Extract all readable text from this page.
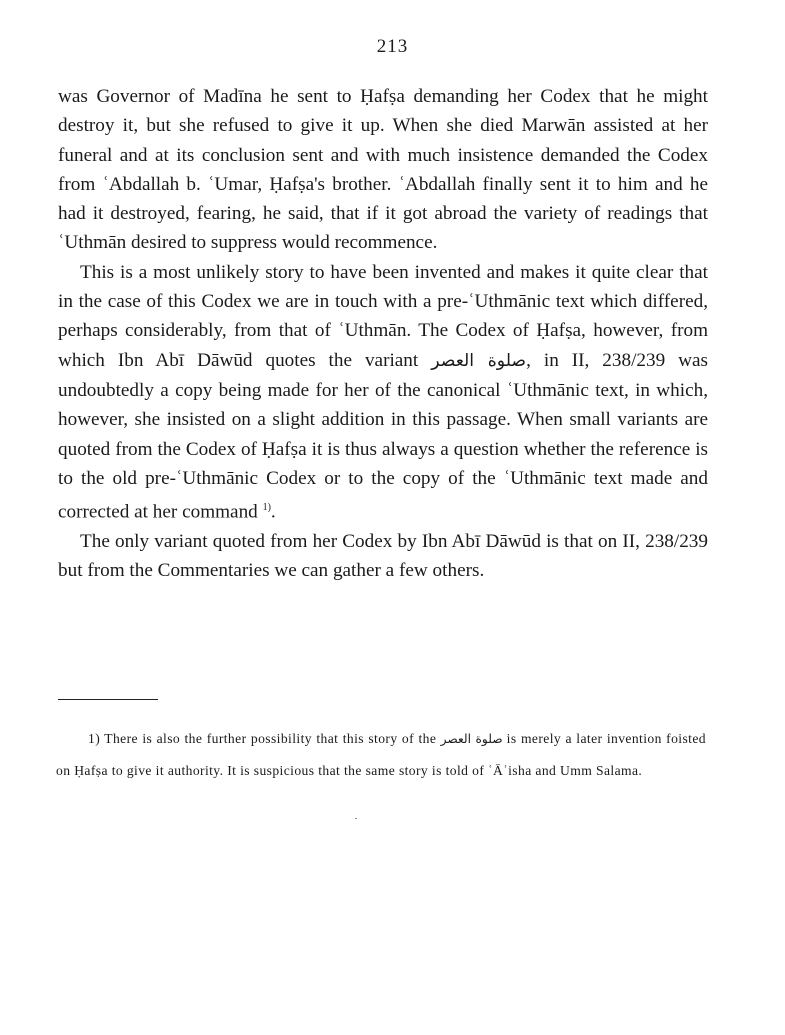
213

was Governor of Madīna he sent to Ḥafṣa demanding her Codex that he might destroy it, but she refused to give it up. When she died Marwān assisted at her funeral and at its conclusion sent and with much insistence demanded the Codex from ʿAbdallah b. ʿUmar, Ḥafṣa's brother. ʿAbdallah finally sent it to him and he had it destroyed, fearing, he said, that if it got abroad the variety of readings that ʿUthmān desired to suppress would recommence.

This is a most unlikely story to have been invented and makes it quite clear that in the case of this Codex we are in touch with a pre-ʿUthmānic text which differed, perhaps considerably, from that of ʿUthmān. The Codex of Ḥafṣa, however, from which Ibn Abī Dāwūd quotes the variant صلوة العصر, in II, 238/239 was undoubtedly a copy being made for her of the canonical ʿUthmānic text, in which, however, she insisted on a slight addition in this passage. When small variants are quoted from the Codex of Ḥafṣa it is thus always a question whether the reference is to the old pre-ʿUthmānic Codex or to the copy of the ʿUthmānic text made and corrected at her command $^{1)}$.

The only variant quoted from her Codex by Ibn Abī Dāwūd is that on II, 238/239 but from the Commentaries we can gather a few others.

1) There is also the further possibility that this story of the صلوة العصر is merely a later invention foisted on Ḥafṣa to give it authority. It is suspicious that the same story is told of ʿĀʾisha and Umm Salama.
